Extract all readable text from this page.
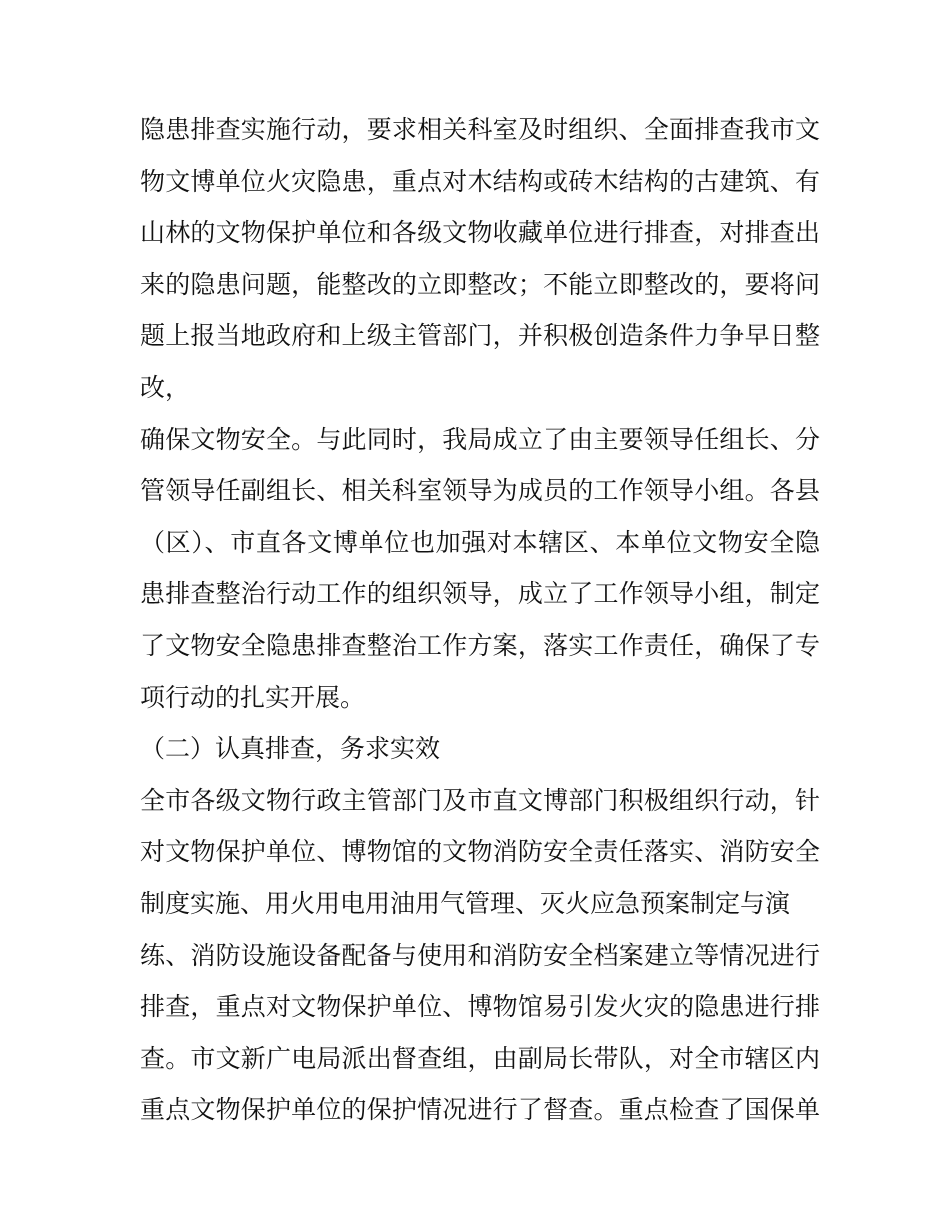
隐患排查实施行动，要求相关科室及时组织、全面排查我市文
物文博单位火灾隐患，重点对木结构或砖木结构的古建筑、有
山林的文物保护单位和各级文物收藏单位进行排查，对排查出
来的隐患问题，能整改的立即整改；不能立即整改的，要将问
题上报当地政府和上级主管部门，并积极创造条件力争早日整
改，
确保文物安全。与此同时，我局成立了由主要领导任组长、分
管领导任副组长、相关科室领导为成员的工作领导小组。各县
（区）、市直各文博单位也加强对本辖区、本单位文物安全隐
患排查整治行动工作的组织领导，成立了工作领导小组，制定
了文物安全隐患排查整治工作方案，落实工作责任，确保了专
项行动的扎实开展。
（二）认真排查，务求实效
全市各级文物行政主管部门及市直文博部门积极组织行动，针
对文物保护单位、博物馆的文物消防安全责任落实、消防安全
制度实施、用火用电用油用气管理、灭火应急预案制定与演
练、消防设施设备配备与使用和消防安全档案建立等情况进行
排查，重点对文物保护单位、博物馆易引发火灾的隐患进行排
查。市文新广电局派出督查组，由副局长带队，对全市辖区内
重点文物保护单位的保护情况进行了督查。重点检查了国保单
